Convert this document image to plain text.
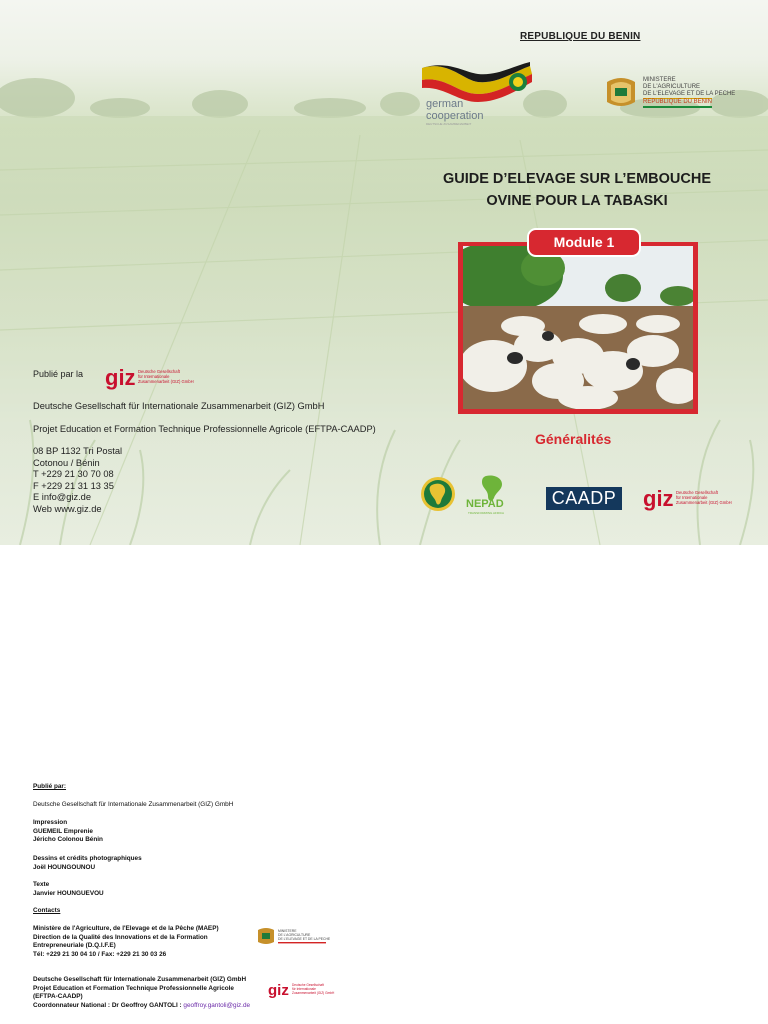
REPUBLIQUE DU BENIN
german
cooperation
DEUTSCHE ZUSAMMENARBEIT
MINISTERE
DE L'AGRICULTURE
DE L'ELEVAGE ET DE LA PECHE
REPUBLIQUE DU BENIN
GUIDE D’ELEVAGE SUR L’EMBOUCHE
OVINE POUR LA TABASKI
Module 1
Généralités
NEPAD
TRANSFORMING AFRICA
CAADP giz Deutsche Gesellschaft
für Internationale
Zusammenarbeit (GIZ) GmbH
Publié par la giz Deutsche Gesellschaft
für Internationale
Zusammenarbeit (GIZ) GmbH
Deutsche Gesellschaft für Internationale Zusammenarbeit (GIZ) GmbH
Projet Education et Formation Technique Professionnelle Agricole (EFTPA-CAADP)
08 BP 1132 Tri Postal
Cotonou / Bénin
T +229 21 30 70 08
F +229 21 31 13 35
E info@giz.de
Web www.giz.de
Publié par:
Deutsche Gesellschaft für Internationale Zusammenarbeit (GIZ) GmbH
Impression
GUEMEIL Emprenie
Jéricho Colonou Bénin
Dessins et crédits photographiques
Joël HOUNGOUNOU
Texte
Janvier HOUNGUEVOU
Contacts
Ministère de l'Agriculture, de l'Elevage et de la Pêche (MAEP)
Direction de la Qualité des Innovations et de la Formation
Entrepreneuriale (D.Q.I.F.E)
Tél: +229 21 30 04 10 / Fax: +229 21 30 03 26
MINISTERE
DE L'AGRICULTURE
DE L'ELEVAGE ET DE LA PECHE
Deutsche Gesellschaft für Internationale Zusammenarbeit (GIZ) GmbH
Projet Education et Formation Technique Professionnelle Agricole
(EFTPA-CAADP)
Coordonnateur National : Dr Geoffroy GANTOLI : geoffroy.gantoli@giz.de
giz Deutsche Gesellschaft
für Internationale
Zusammenarbeit (GIZ) GmbH
